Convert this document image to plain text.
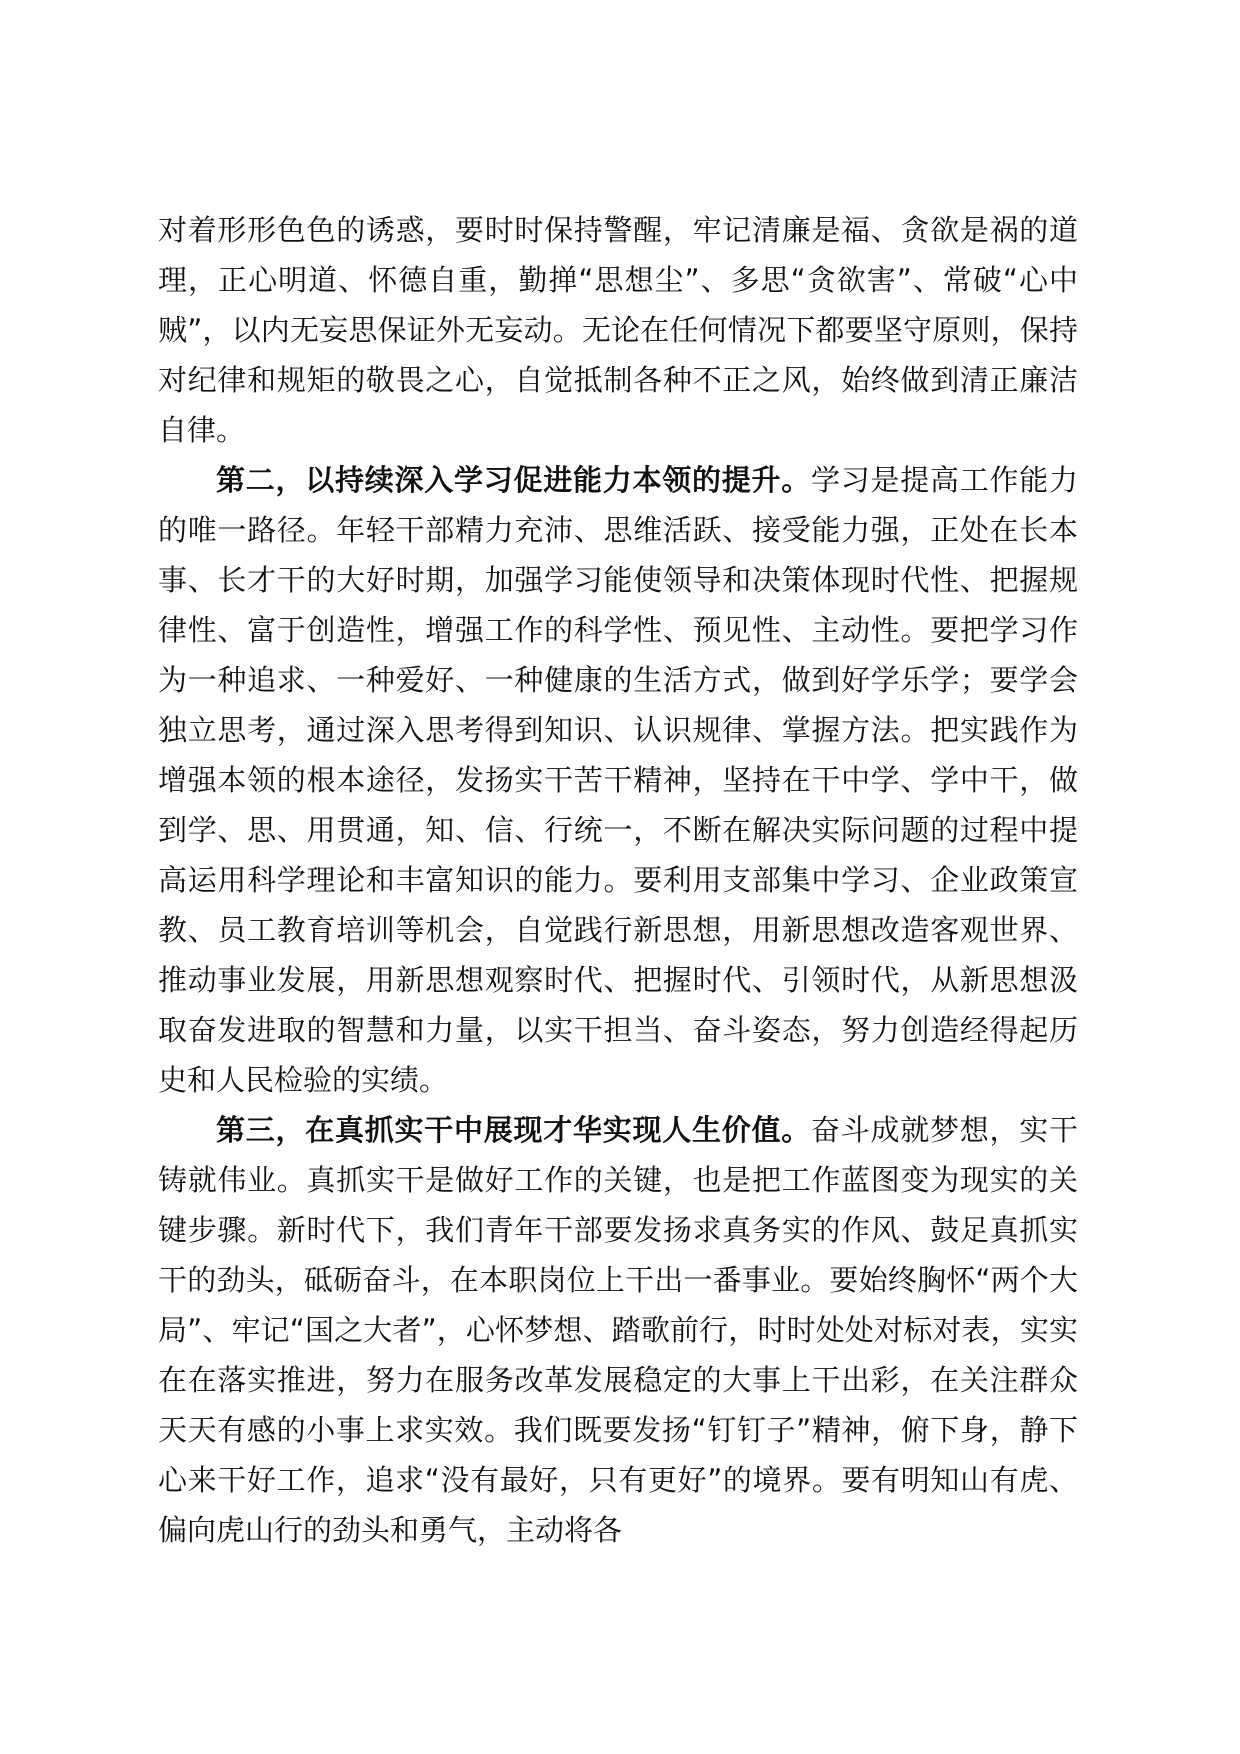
对着形形色色的诱惑，要时时保持警醒，牢记清廉是福、贪欲是祸的道理，正心明道、怀德自重，勤掸“思想尘”、多思“贪欲害”、常破“心中贼”，以内无妄思保证外无妄动。无论在任何情况下都要坚守原则，保持对纪律和规矩的敬畏之心，自觉抵制各种不正之风，始终做到清正廉洁自律。

第二，以持续深入学习促进能力本领的提升。学习是提高工作能力的唯一路径。年轻干部精力充沛、思维活跃、接受能力强，正处在长本事、长才干的大好时期，加强学习能使领导和决策体现时代性、把握规律性、富于创造性，增强工作的科学性、预见性、主动性。要把学习作为一种追求、一种爱好、一种健康的生活方式，做到好学乐学；要学会独立思考，通过深入思考得到知识、认识规律、掌握方法。把实践作为增强本领的根本途径，发扬实干苦干精神，坚持在干中学、学中干，做到学、思、用贯通，知、信、行统一，不断在解决实际问题的过程中提高运用科学理论和丰富知识的能力。要利用支部集中学习、企业政策宣教、员工教育培训等机会，自觉践行新思想，用新思想改造客观世界、推动事业发展，用新思想观察时代、把握时代、引领时代，从新思想汲取奋发进取的智慧和力量，以实干担当、奋斗姿态，努力创造经得起历史和人民检验的实绩。

第三，在真抓实干中展现才华实现人生价值。奋斗成就梦想，实干铸就伟业。真抓实干是做好工作的关键，也是把工作蓝图变为现实的关键步骤。新时代下，我们青年干部要发扬求真务实的作风、鼓足真抓实干的劲头，砥砺奋斗，在本职岗位上干出一番事业。要始终胸怀“两个大局”、牢记“国之大者”，心怀梦想、踏歌前行，时时处处对标对表，实实在在落实推进，努力在服务改革发展稳定的大事上干出彩，在关注群众天天有感的小事上求实效。我们既要发扬“钉钉子”精神，俯下身，静下心来干好工作，追求“没有最好，只有更好”的境界。要有明知山有虎、偏向虎山行的劲头和勇气，主动将各
